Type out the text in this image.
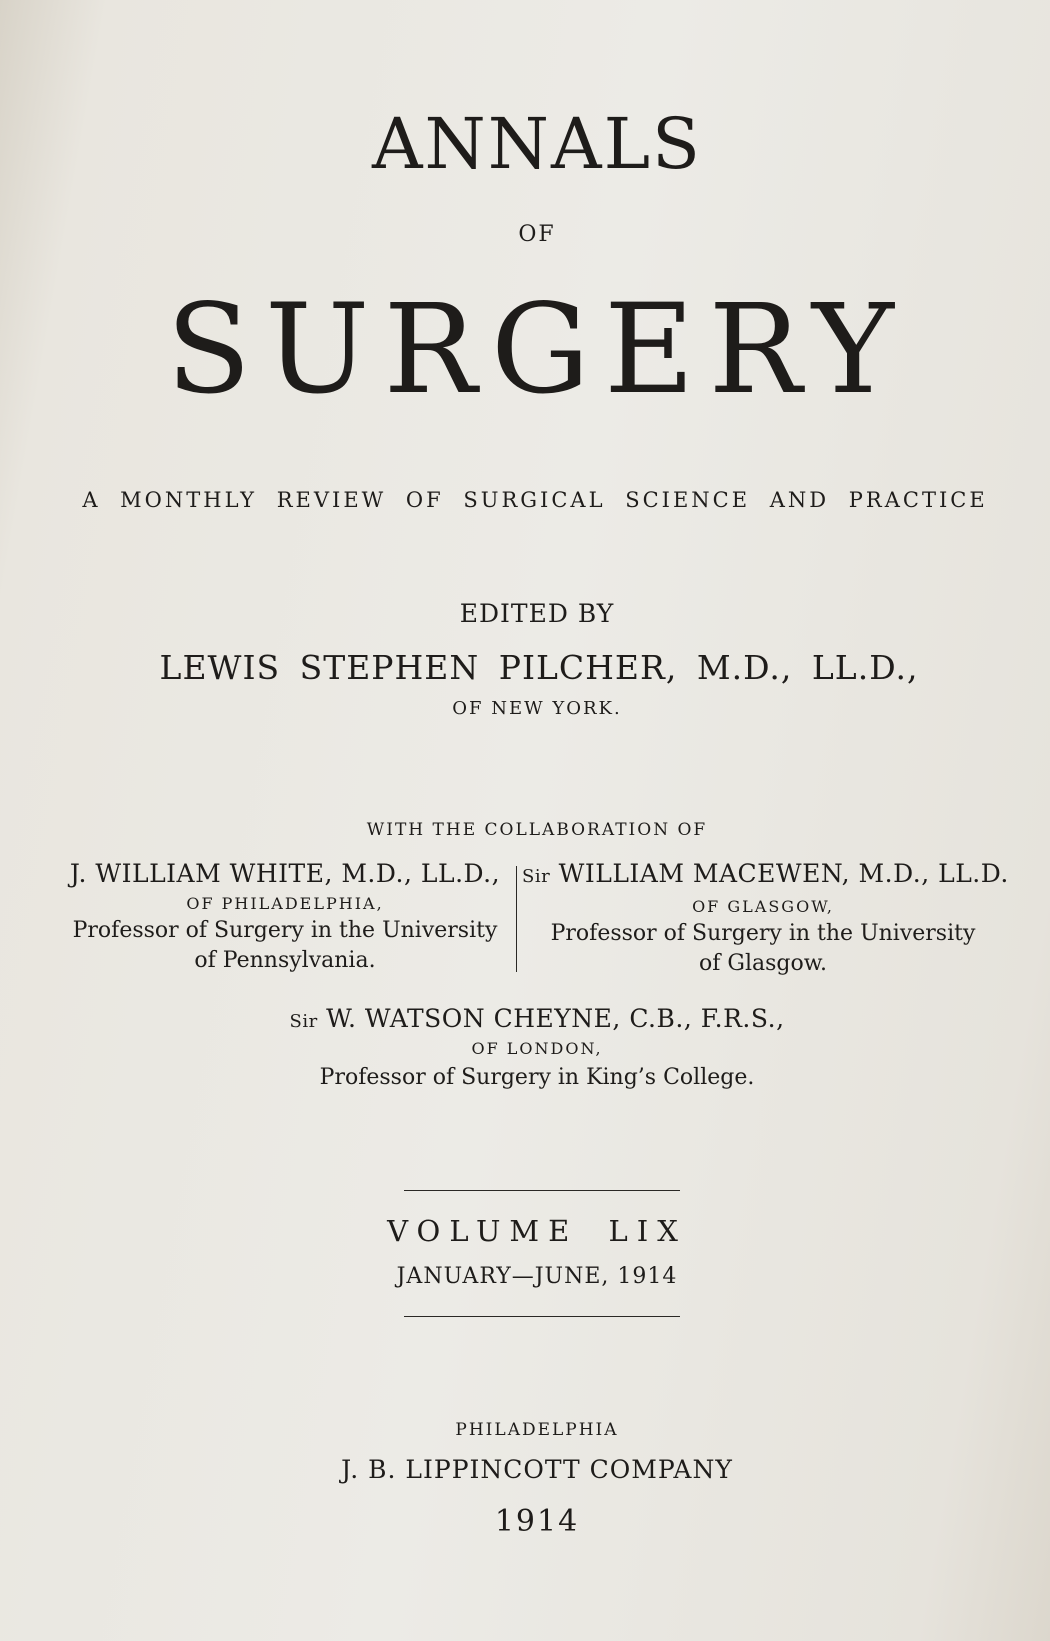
ANNALS
OF
SURGERY
A MONTHLY REVIEW OF SURGICAL SCIENCE AND PRACTICE
EDITED BY
LEWIS STEPHEN PILCHER, M.D., LL.D.,
OF NEW YORK.
WITH THE COLLABORATION OF
J. WILLIAM WHITE, M.D., LL.D.,
OF PHILADELPHIA,
Professor of Surgery in the University
of Pennsylvania.
Sir WILLIAM MACEWEN, M.D., LL.D.
OF GLASGOW,
Professor of Surgery in the University
of Glasgow.
Sir W. WATSON CHEYNE, C.B., F.R.S.,
OF LONDON,
Professor of Surgery in King’s College.
VOLUME LIX
JANUARY—JUNE, 1914
PHILADELPHIA
J. B. LIPPINCOTT COMPANY
1914
